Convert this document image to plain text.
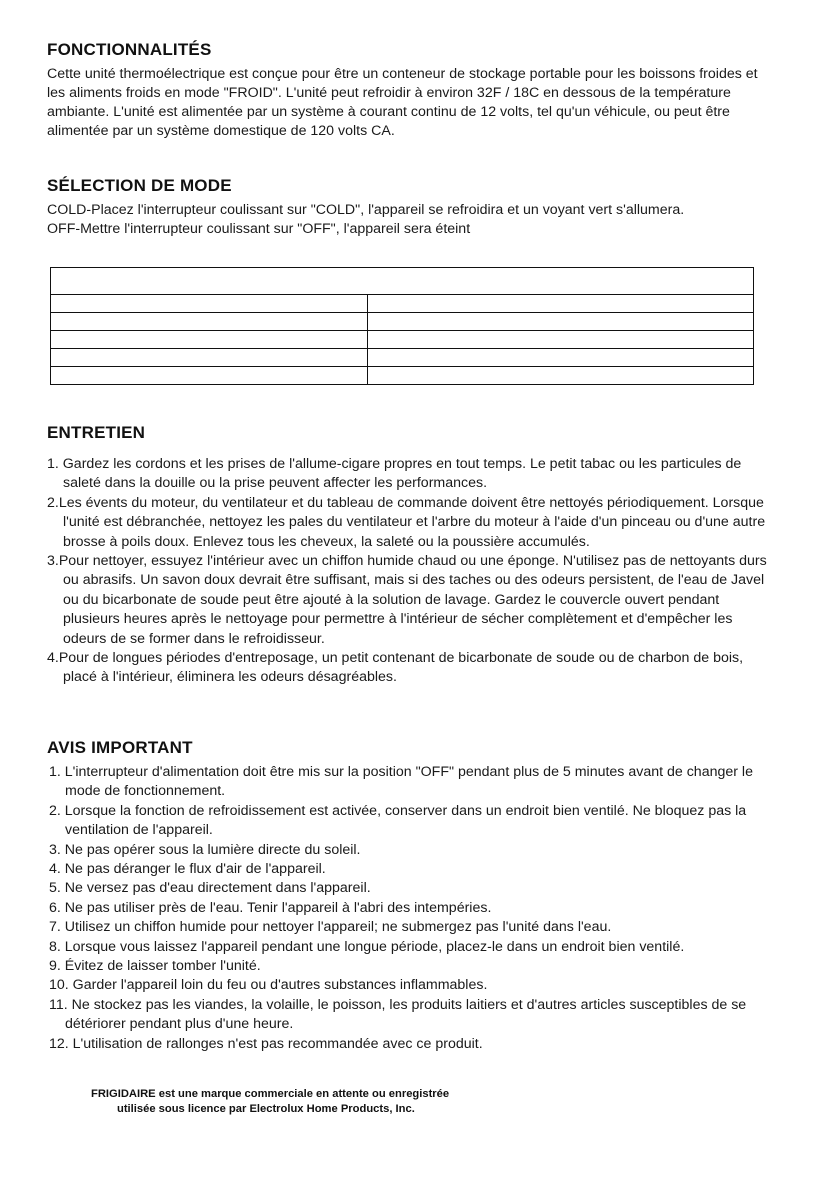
FONCTIONNALITÉS

Cette unité thermoélectrique est conçue pour être un conteneur de stockage portable pour les boissons froides et les aliments froids en mode "FROID". L'unité peut refroidir à environ 32F / 18C en dessous de la température ambiante. L'unité est alimentée par un système à courant continu de 12 volts, tel qu'un véhicule, ou peut être alimentée par un système domestique de 120 volts CA.

SÉLECTION DE MODE

COLD-Placez l'interrupteur coulissant sur "COLD", l'appareil se refroidira et un voyant vert s'allumera.

OFF-Mettre l'interrupteur coulissant sur "OFF", l'appareil sera éteint

ENTRETIEN
1. Gardez les cordons et les prises de l'allume-cigare propres en tout temps. Le petit tabac ou les particules de saleté dans la douille ou la prise peuvent affecter les performances.
2.Les évents du moteur, du ventilateur et du tableau de commande doivent être nettoyés périodiquement. Lorsque l'unité est débranchée, nettoyez les pales du ventilateur et l'arbre du moteur à l'aide d'un pinceau ou d'une autre brosse à poils doux. Enlevez tous les cheveux, la saleté ou la poussière accumulés.
3.Pour nettoyer, essuyez l'intérieur avec un chiffon humide chaud ou une éponge. N'utilisez pas de nettoyants durs ou abrasifs. Un savon doux devrait être suffisant, mais si des taches ou des odeurs persistent, de l'eau de Javel ou du bicarbonate de soude peut être ajouté à la solution de lavage. Gardez le couvercle ouvert pendant plusieurs heures après le nettoyage pour permettre à l'intérieur de sécher complètement et d'empêcher les odeurs de se former dans le refroidisseur.
4.Pour de longues périodes d'entreposage, un petit contenant de bicarbonate de soude ou de charbon de bois, placé à l'intérieur, éliminera les odeurs désagréables.
AVIS IMPORTANT
1. L'interrupteur d'alimentation doit être mis sur la position "OFF" pendant plus de 5 minutes avant de changer le mode de fonctionnement.
2. Lorsque la fonction de refroidissement est activée, conserver dans un endroit bien ventilé. Ne bloquez pas la ventilation de l'appareil.
3. Ne pas opérer sous la lumière directe du soleil.
4. Ne pas déranger le flux d'air de l'appareil.
5. Ne versez pas d'eau directement dans l'appareil.
6. Ne pas utiliser près de l'eau. Tenir l'appareil à l'abri des intempéries.
7. Utilisez un chiffon humide pour nettoyer l'appareil; ne submergez pas l'unité dans l'eau.
8. Lorsque vous laissez l'appareil pendant une longue période, placez-le dans un endroit bien ventilé.
9. Évitez de laisser tomber l'unité.
10. Garder l'appareil loin du feu ou d'autres substances inflammables.
11. Ne stockez pas les viandes, la volaille, le poisson, les produits laitiers et d'autres articles susceptibles de se détériorer pendant plus d'une heure.
12. L'utilisation de rallonges n'est pas recommandée avec ce produit.
FRIGIDAIRE est une marque commerciale en attente ou enregistrée
utilisée sous licence par Electrolux Home Products, Inc.
